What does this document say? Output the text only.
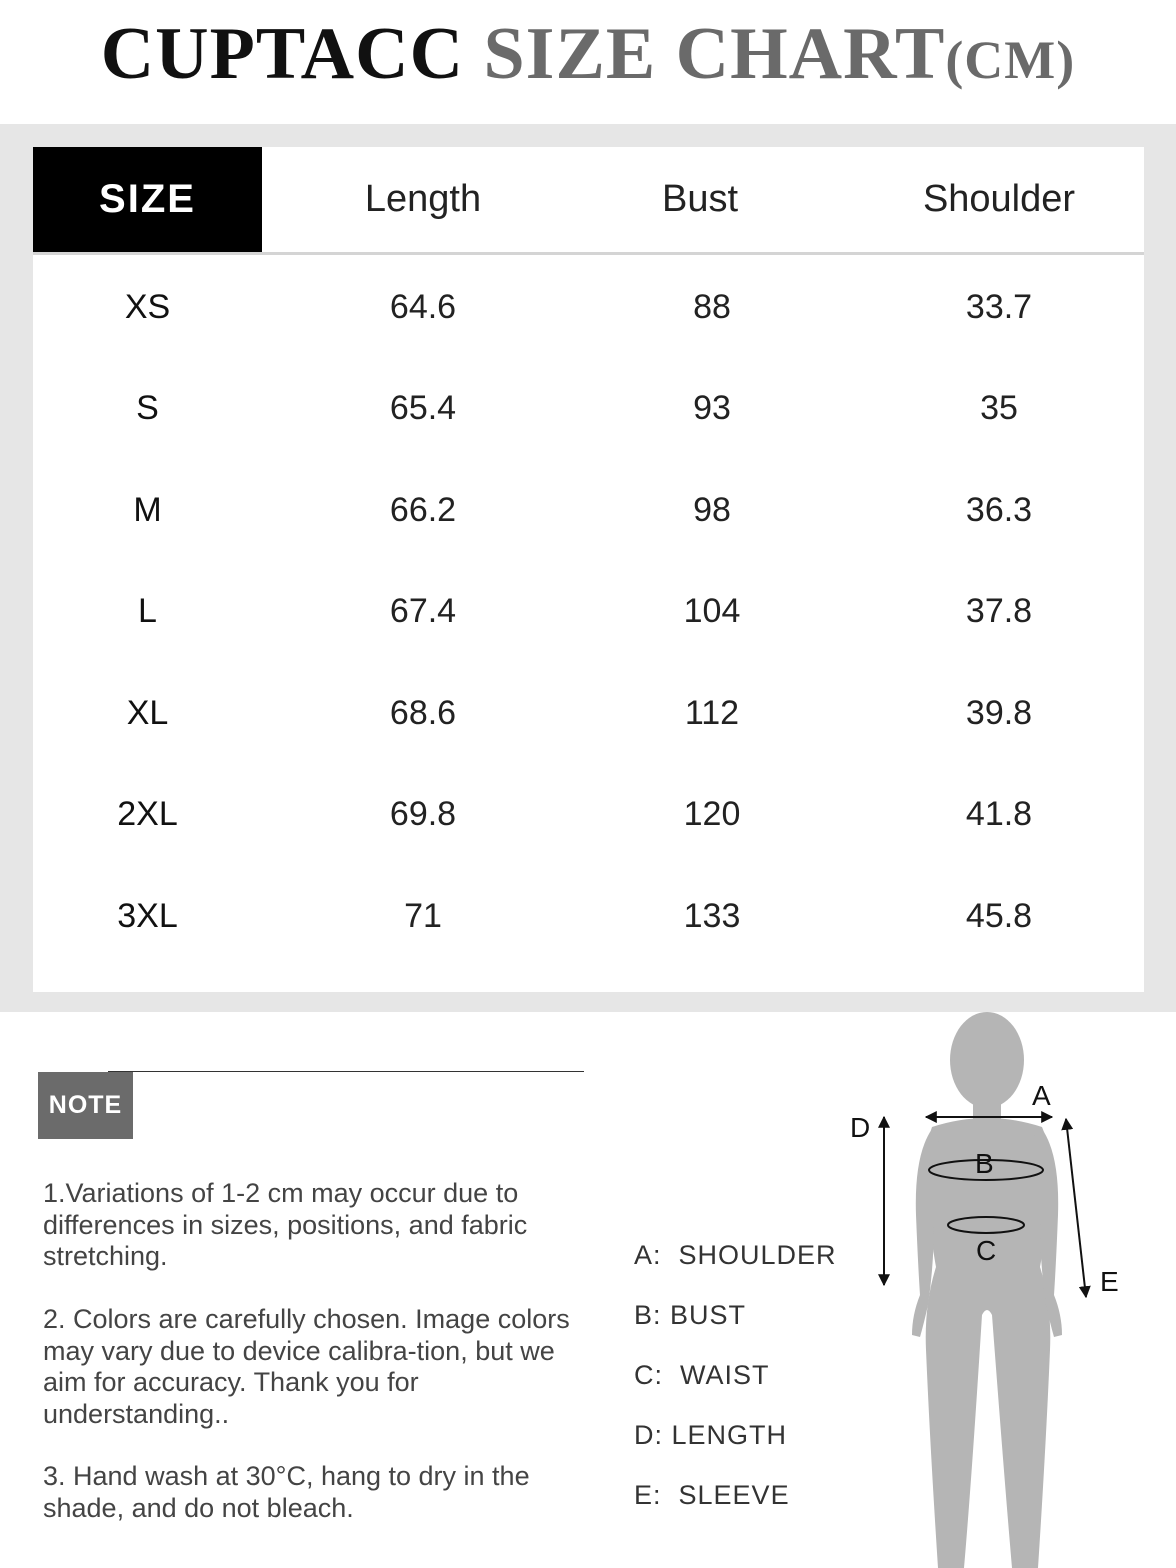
CUPTACC SIZE CHART(CM)
SIZE	Length	Bust	Shoulder
XS	64.6	88	33.7
S	65.4	93	35
M	66.2	98	36.3
L	67.4	104	37.8
XL	68.6	112	39.8
2XL	69.8	120	41.8
3XL	71	133	45.8
NOTE
1.Variations of 1-2 cm may occur due to differences in sizes, positions, and fabric stretching.
2. Colors are carefully chosen. Image colors may vary due to device calibra-tion, but we aim for accuracy. Thank you for understanding..
3. Hand wash at 30°C, hang to dry in the shade, and do not bleach.
A:  SHOULDER
B: BUST
C:  WAIST
D: LENGTH
E:  SLEEVE
A
B
C
D
E
